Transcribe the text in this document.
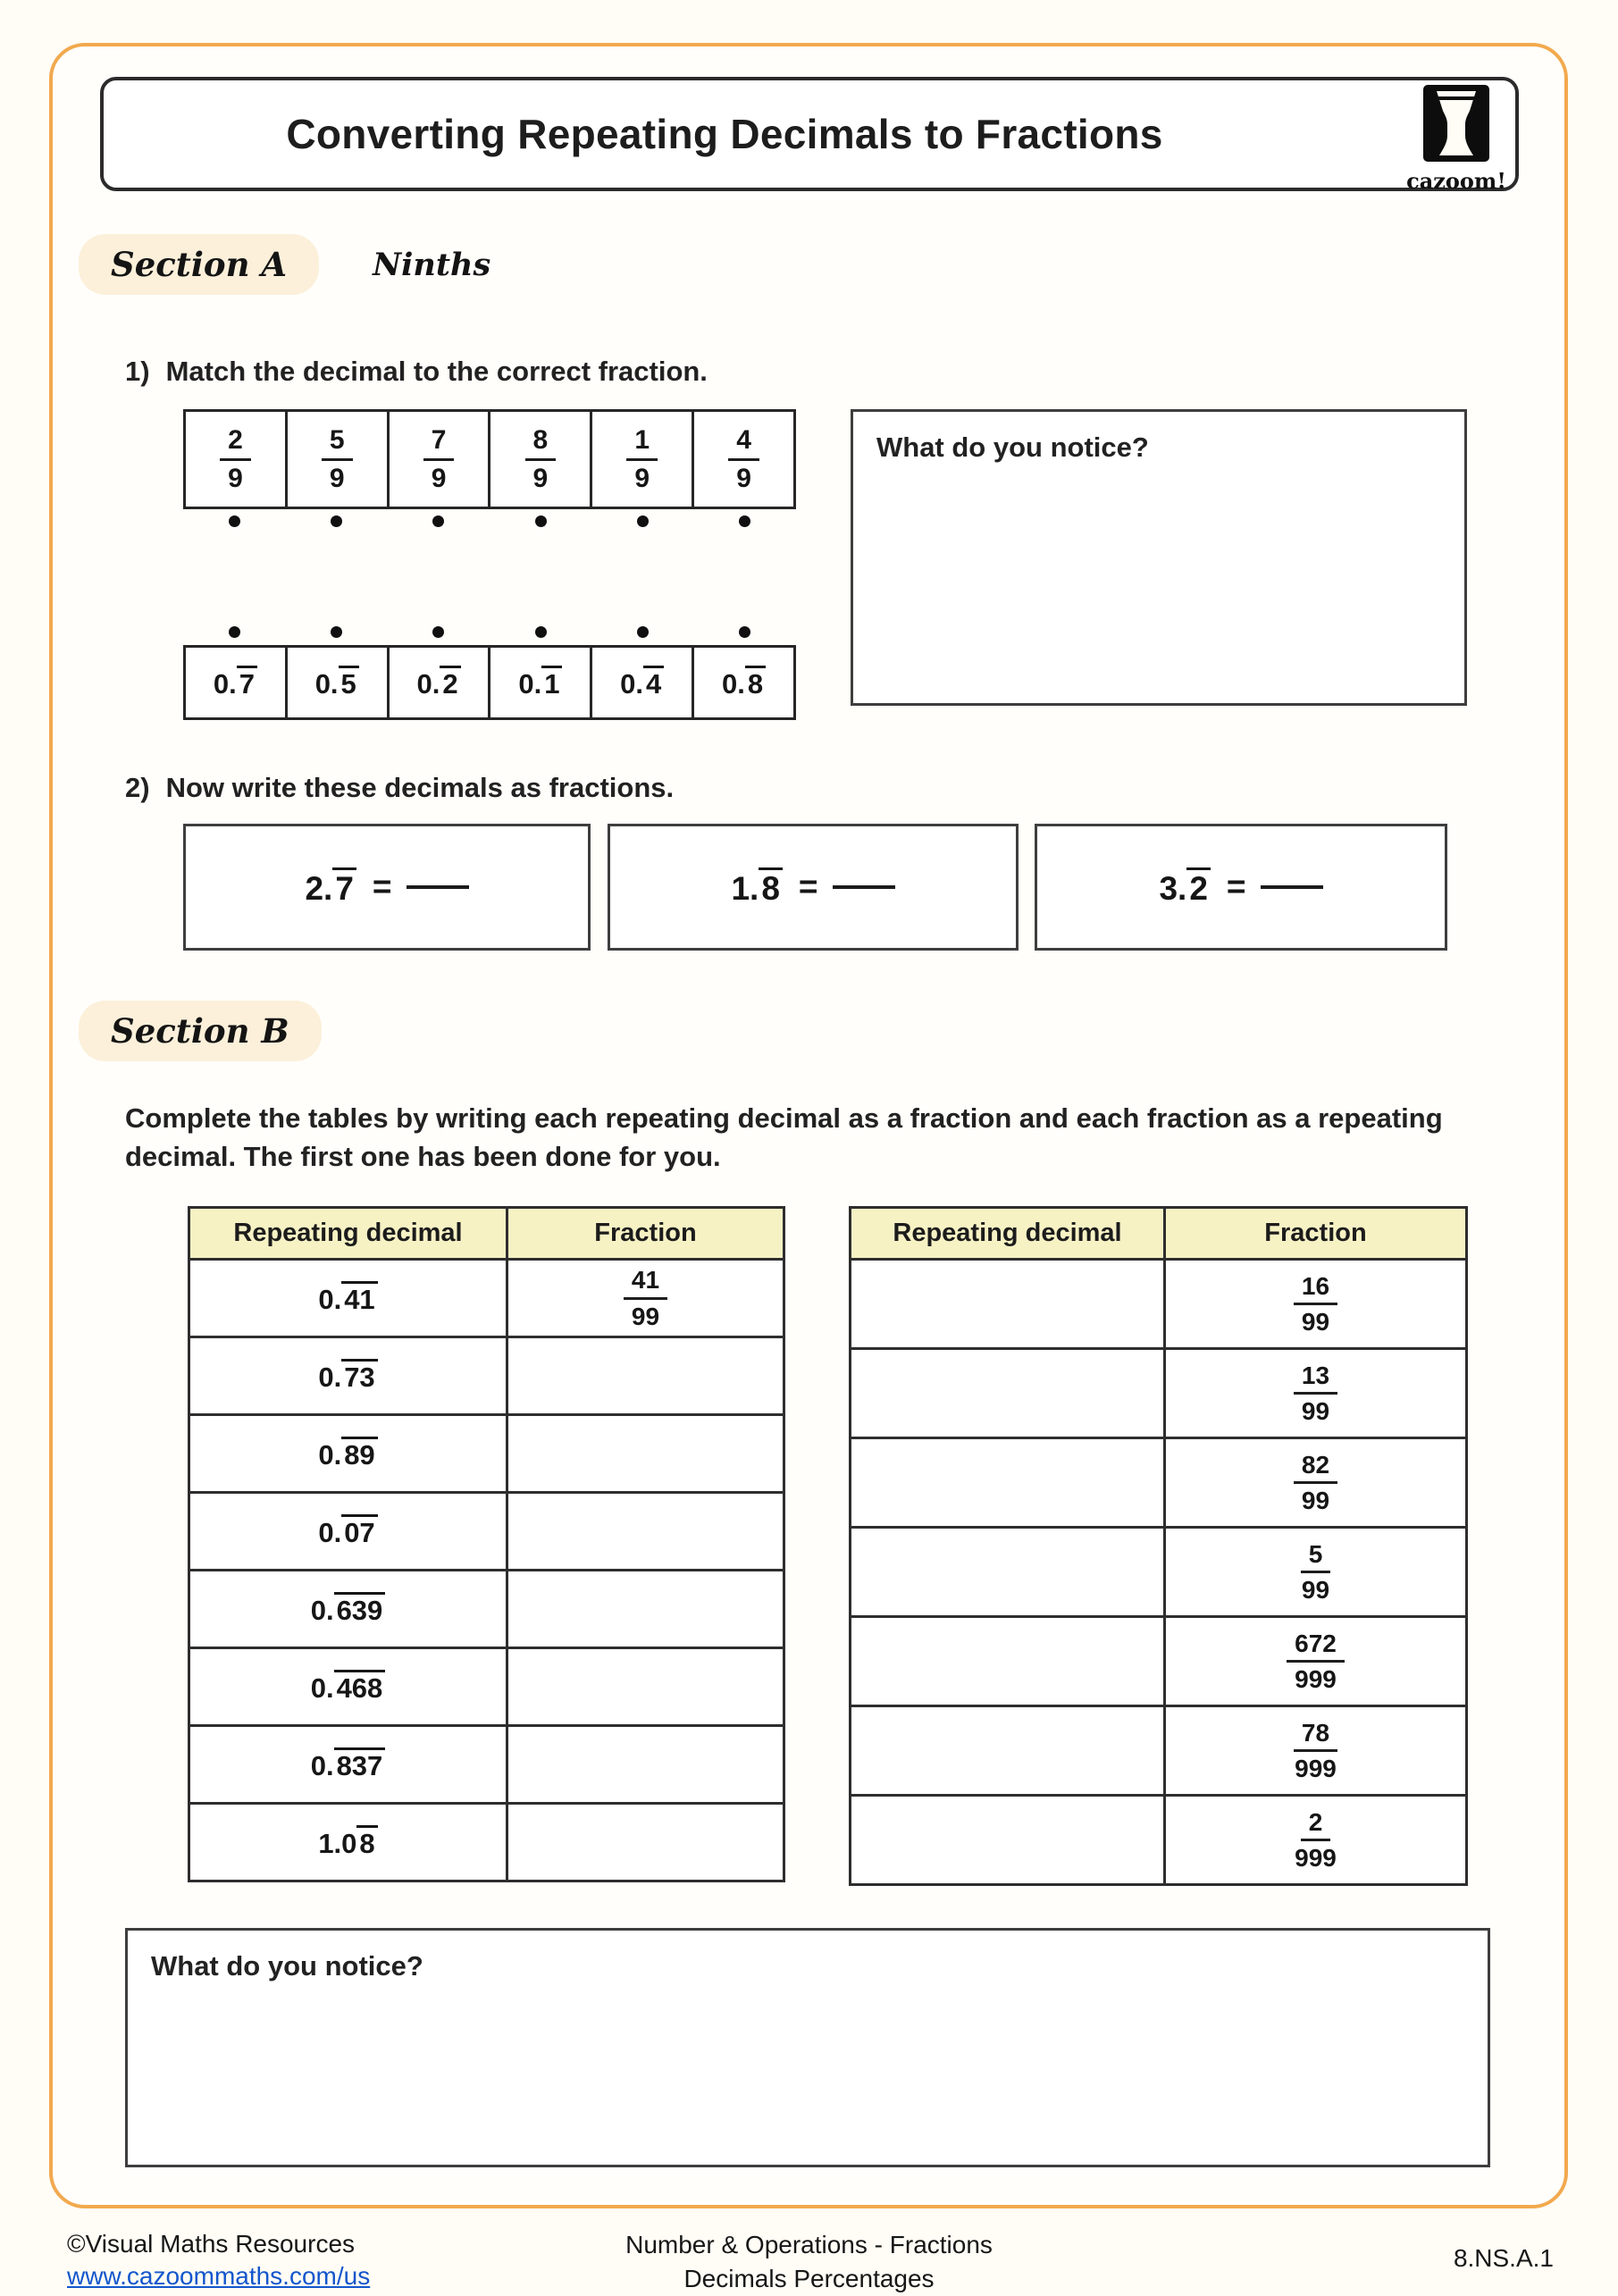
Converting Repeating Decimals to Fractions
cazoom!
Section A	Ninths
1) Match the decimal to the correct fraction.
$\frac{2}{9}$	$\frac{5}{9}$	$\frac{7}{9}$	$\frac{8}{9}$	$\frac{1}{9}$	$\frac{4}{9}$
0.7 0.5 0.2 0.1 0.4 0.8
What do you notice?
2) Now write these decimals as fractions.
2.7 =	1.8 =	3.2 =
Section B
Complete the tables by writing each repeating decimal as a fraction and each fraction as a repeating decimal. The first one has been done for you.
Repeating decimal	Fraction
0.41	$\frac{41}{99}$

0.73	
0.89	
0.07	
0.639	
0.468	
0.837	
1.08	
Repeating decimal	Fraction

	$\frac{16}{99}$

	$\frac{13}{99}$

	$\frac{82}{99}$

	$\frac{5}{99}$

	$\frac{672}{999}$

	$\frac{78}{999}$

	$\frac{2}{999}$
What do you notice?
©Visual Maths Resources
www.cazoommaths.com/us
Number & Operations - Fractions
Decimals Percentages
8.NS.A.1
